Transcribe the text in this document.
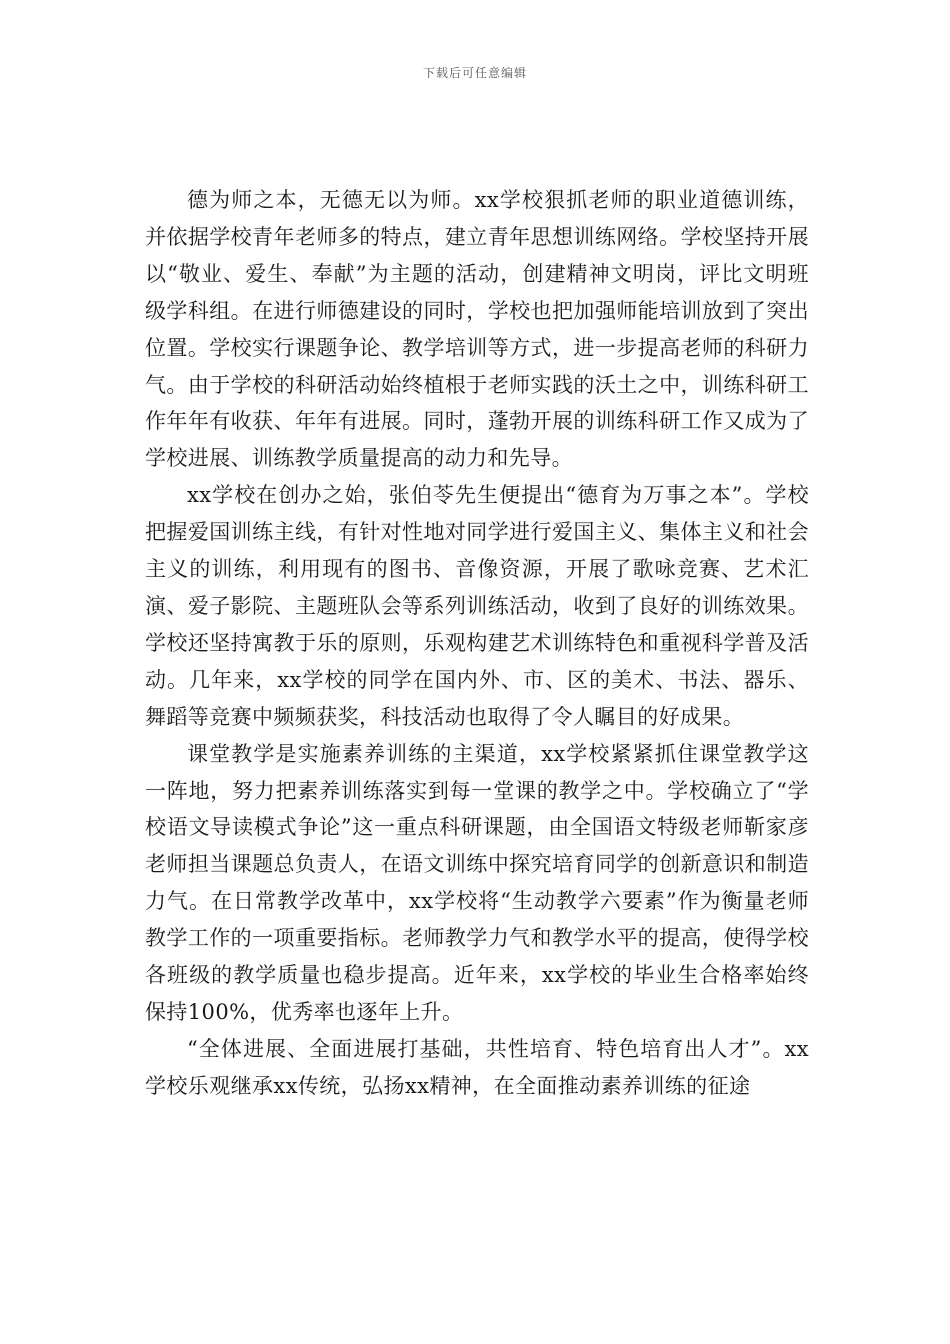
下载后可任意编辑

德为师之本，无德无以为师。xx学校狠抓老师的职业道德训练，并依据学校青年老师多的特点，建立青年思想训练网络。学校坚持开展以“敬业、爱生、奉献”为主题的活动，创建精神文明岗，评比文明班级学科组。在进行师德建设的同时，学校也把加强师能培训放到了突出位置。学校实行课题争论、教学培训等方式，进一步提高老师的科研力气。由于学校的科研活动始终植根于老师实践的沃土之中，训练科研工作年年有收获、年年有进展。同时，蓬勃开展的训练科研工作又成为了学校进展、训练教学质量提高的动力和先导。

xx学校在创办之始，张伯苓先生便提出“德育为万事之本”。学校把握爱国训练主线，有针对性地对同学进行爱国主义、集体主义和社会主义的训练，利用现有的图书、音像资源，开展了歌咏竞赛、艺术汇演、爱子影院、主题班队会等系列训练活动，收到了良好的训练效果。学校还坚持寓教于乐的原则，乐观构建艺术训练特色和重视科学普及活动。几年来，xx学校的同学在国内外、市、区的美术、书法、器乐、舞蹈等竞赛中频频获奖，科技活动也取得了令人瞩目的好成果。

课堂教学是实施素养训练的主渠道，xx学校紧紧抓住课堂教学这一阵地，努力把素养训练落实到每一堂课的教学之中。学校确立了“学校语文导读模式争论”这一重点科研课题，由全国语文特级老师靳家彦老师担当课题总负责人，在语文训练中探究培育同学的创新意识和制造力气。在日常教学改革中，xx学校将“生动教学六要素”作为衡量老师教学工作的一项重要指标。老师教学力气和教学水平的提高，使得学校各班级的教学质量也稳步提高。近年来，xx学校的毕业生合格率始终保持100%，优秀率也逐年上升。

“全体进展、全面进展打基础，共性培育、特色培育出人才”。xx学校乐观继承xx传统，弘扬xx精神，在全面推动素养训练的征途
